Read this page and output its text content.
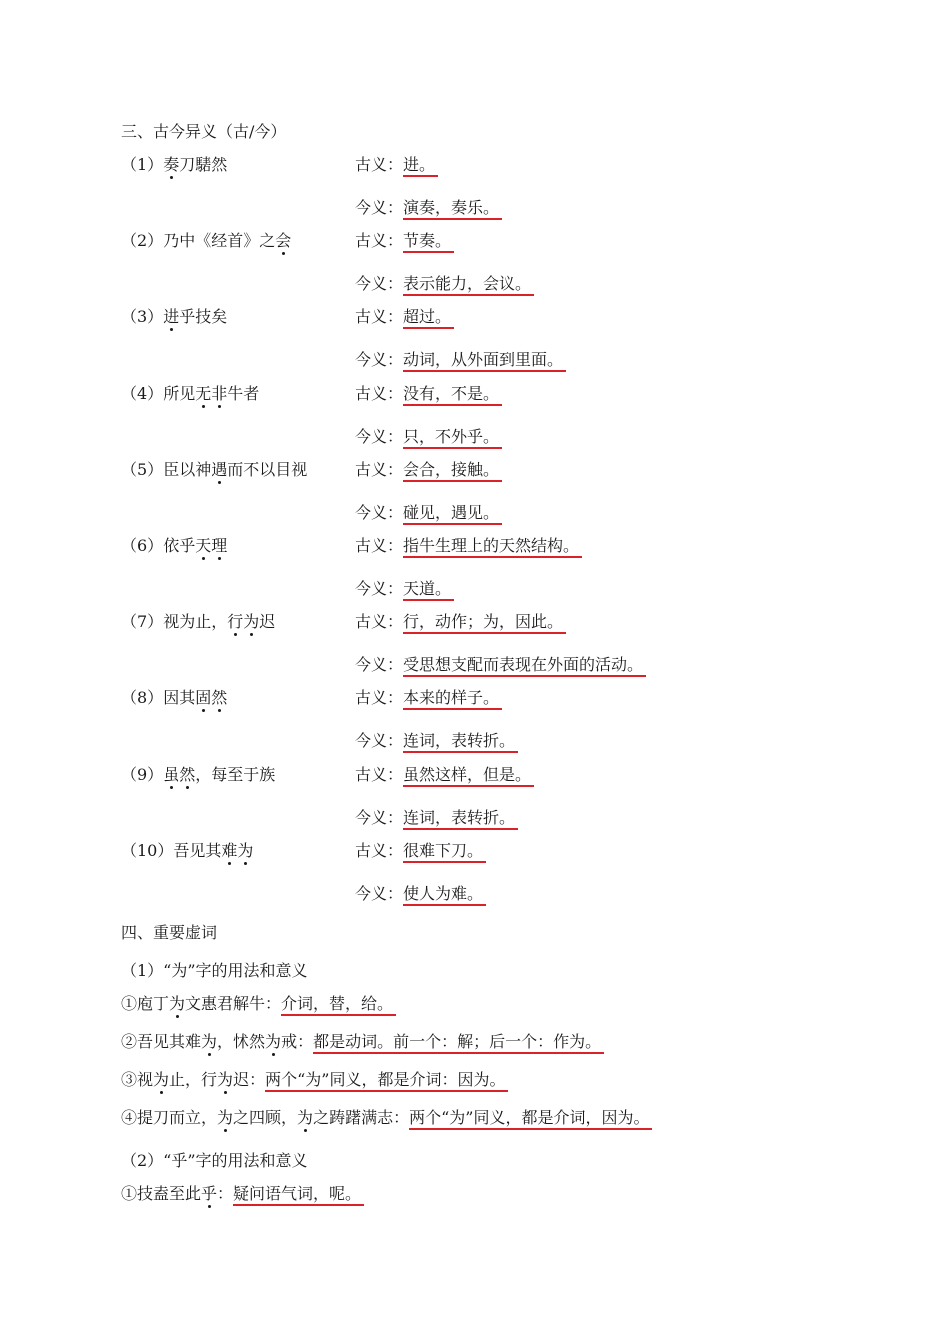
三、古今异义（古/今）
（1）奏刀騞然	古义：进。
今义：演奏，奏乐。
（2）乃中《经首》之会	古义：节奏。
今义：表示能力，会议。
（3）进乎技矣	古义：超过。
今义：动词，从外面到里面。
（4）所见无非牛者	古义：没有，不是。
今义：只，不外乎。
（5）臣以神遇而不以目视	古义：会合，接触。
今义：碰见，遇见。
（6）依乎天理	古义：指牛生理上的天然结构。
今义：天道。
（7）视为止，行为迟	古义：行，动作；为，因此。
今义：受思想支配而表现在外面的活动。
（8）因其固然	古义：本来的样子。
今义：连词，表转折。
（9）虽然，每至于族	古义：虽然这样，但是。
今义：连词，表转折。
（10）吾见其难为	古义：很难下刀。
今义：使人为难。
四、重要虚词
（1）“为”字的用法和意义
①庖丁为文惠君解牛：介词，替，给。
②吾见其难为，怵然为戒：都是动词。前一个：解；后一个：作为。
③视为止，行为迟：两个“为”同义，都是介词：因为。
④提刀而立，为之四顾，为之踌躇满志：两个“为”同义，都是介词，因为。
（2）“乎”字的用法和意义
①技盍至此乎：疑问语气词，呢。
